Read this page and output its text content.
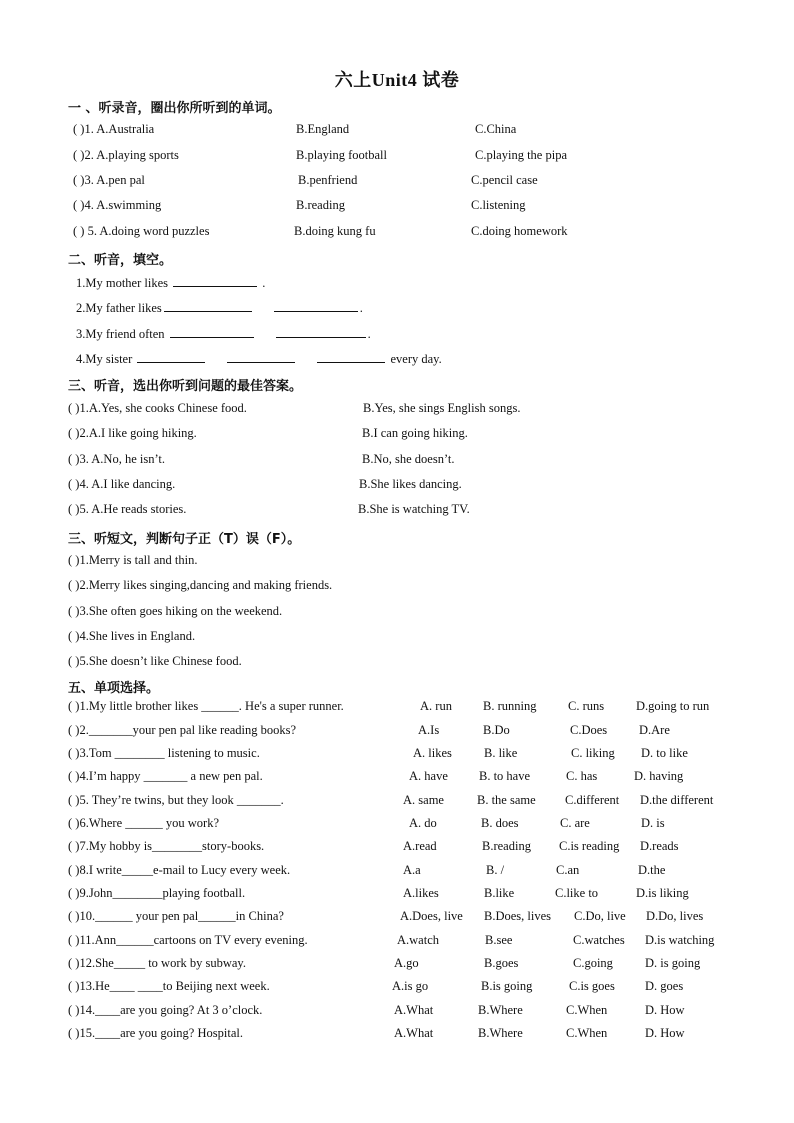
六上Unit4 试卷
一 、听录音，圈出你所听到的单词。
( )1. A.Australia	B.England	C.China
( )2. A.playing sports	B.playing football	C.playing the pipa
( )3. A.pen pal	B.penfriend	C.pencil case
( )4. A.swimming	B.reading	C.listening
( ) 5. A.doing word puzzles	B.doing kung fu	C.doing homework
二、听音，填空。
1.My mother likes	.
2.My father likes	.
3.My friend often	.
4.My sister	every day.
三、听音，选出你听到问题的最佳答案。
( )1.A.Yes, she cooks Chinese food.	B.Yes, she sings English songs.
( )2.A.I like going hiking.	B.I can going hiking.
( )3. A.No, he isn’t.	B.No, she doesn’t.
( )4. A.I like dancing.	B.She likes dancing.
( )5. A.He reads stories.	B.She is watching TV.
三、听短文，判断句子正（T）误（F）。
( )1.Merry is tall and thin.
( )2.Merry likes singing,dancing and making friends.
( )3.She often goes hiking on the weekend.
( )4.She lives in England.
( )5.She doesn’t like Chinese food.
五、单项选择。
( )1.My little brother likes ______. He's a super runner.	A. run B. running	C. runs	D.going to run
( )2._______your pen pal like reading books?	A.Is	B.Do	C.Does	D.Are
( )3.Tom ________ listening to music.	A. likes	B. like	C. liking D. to like
( )4.I’m happy _______ a new pen pal.	A. have B. to have	C. has	D. having
( )5. They’re twins, but they look _______.	A. same	B. the same C.different D.the different
( )6.Where ______ you work?	A. do	B. does	C. are	D. is
( )7.My hobby is________story-books.	A.read	B.reading C.is reading D.reads
( )8.I write_____e-mail to Lucy every week.	A.a	B. /	C.an	D.the
( )9.John________playing football.	A.likes	B.like	C.like to	D.is liking
( )10.______ your pen pal______in China?	A.Does, live B.Does, lives C.Do, live D.Do, lives
( )11.Ann______cartoons on TV every evening.	A.watch	B.see	C.watches D.is watching
( )12.She_____ to work by subway.	A.go	B.goes	C.going	D. is going
( )13.He____ ____to Beijing next week.	A.is go	B.is going	C.is goes D. goes
( )14.____are you going? At 3 o’clock.	A.What	B.Where	C.When	D. How
( )15.____are you going? Hospital.	A.What	B.Where	C.When	D. How
